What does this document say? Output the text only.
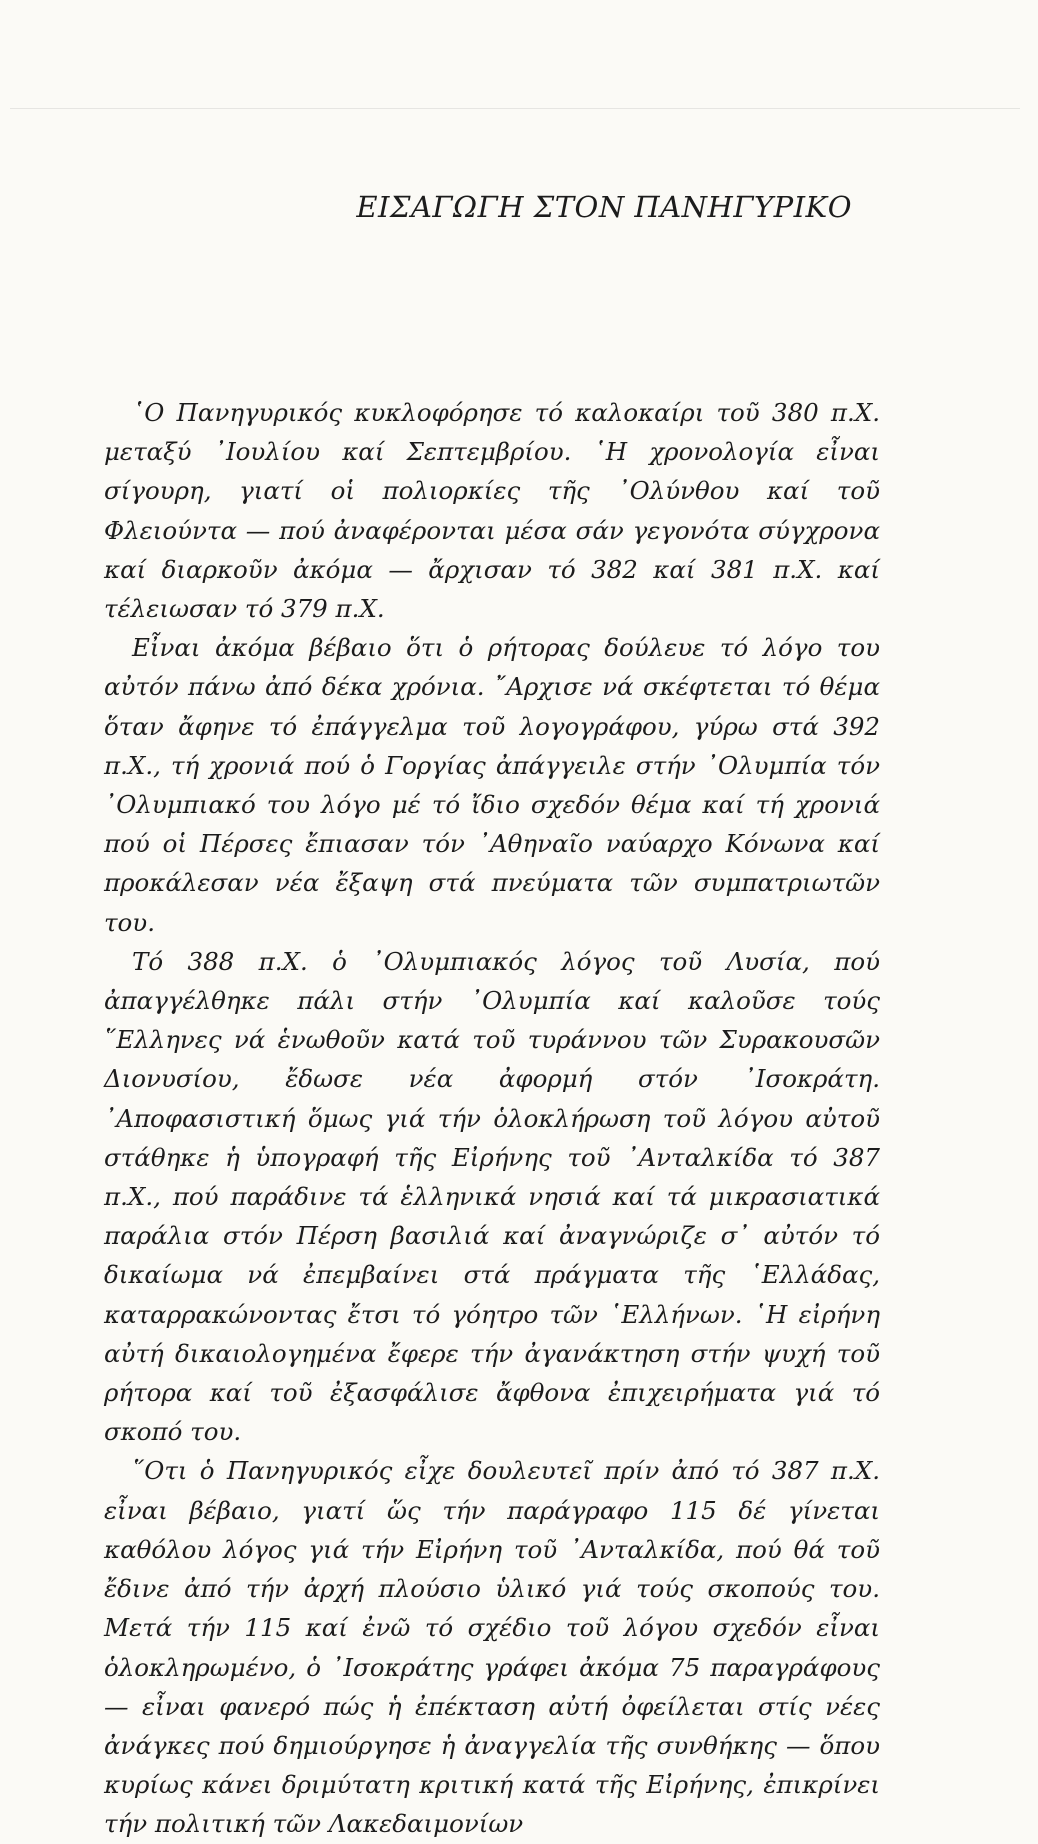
ΕΙΣΑΓΩΓΗ ΣΤΟΝ ΠΑΝΗΓΥΡΙΚΟ

῾Ο Πανηγυρικός κυκλοφόρησε τό καλοκαίρι τοῦ 380 π.Χ. μεταξύ ᾿Ιουλίου καί Σεπτεμβρίου. ῾Η χρονολογία εἶναι σίγουρη, γιατί οἱ πολιορκίες τῆς ᾿Ολύνθου καί τοῦ Φλειούντα — πού ἀναφέρονται μέσα σάν γεγονότα σύγχρονα καί διαρκοῦν ἀκόμα — ἄρχισαν τό 382 καί 381 π.Χ. καί τέλειωσαν τό 379 π.Χ.

Εἶναι ἀκόμα βέβαιο ὅτι ὁ ρήτορας δούλευε τό λόγο του αὐτόν πάνω ἀπό δέκα χρόνια. ῎Αρχισε νά σκέφτεται τό θέμα ὅταν ἄφηνε τό ἐπάγγελμα τοῦ λογογράφου, γύρω στά 392 π.Χ., τή χρονιά πού ὁ Γοργίας ἀπάγγειλε στήν ᾿Ολυμπία τόν ᾿Ολυμπιακό του λόγο μέ τό ἴδιο σχεδόν θέμα καί τή χρονιά πού οἱ Πέρσες ἔπιασαν τόν ᾿Αθηναῖο ναύαρχο Κόνωνα καί προκάλεσαν νέα ἔξαψη στά πνεύματα τῶν συμπατριωτῶν του.

Τό 388 π.Χ. ὁ ᾿Ολυμπιακός λόγος τοῦ Λυσία, πού ἀπαγγέλθηκε πάλι στήν ᾿Ολυμπία καί καλοῦσε τούς ῞Ελληνες νά ἑνωθοῦν κατά τοῦ τυράννου τῶν Συρακουσῶν Διονυσίου, ἔδωσε νέα ἀφορμή στόν ᾿Ισοκράτη. ᾿Αποφασιστική ὅμως γιά τήν ὁλοκλήρωση τοῦ λόγου αὐτοῦ στάθηκε ἡ ὑπογραφή τῆς Εἰρήνης τοῦ ᾿Ανταλκίδα τό 387 π.Χ., πού παράδινε τά ἑλληνικά νησιά καί τά μικρασιατικά παράλια στόν Πέρση βασιλιά καί ἀναγνώριζε σ᾿ αὐτόν τό δικαίωμα νά ἐπεμβαίνει στά πράγματα τῆς ῾Ελλάδας, καταρρακώνοντας ἔτσι τό γόητρο τῶν ῾Ελλήνων. ῾Η εἰρήνη αὐτή δικαιολογημένα ἔφερε τήν ἀγανάκτηση στήν ψυχή τοῦ ρήτορα καί τοῦ ἐξασφάλισε ἄφθονα ἐπιχειρήματα γιά τό σκοπό του.

῞Οτι ὁ Πανηγυρικός εἶχε δουλευτεῖ πρίν ἀπό τό 387 π.Χ. εἶναι βέβαιο, γιατί ὥς τήν παράγραφο 115 δέ γίνεται καθόλου λόγος γιά τήν Εἰρήνη τοῦ ᾿Ανταλκίδα, πού θά τοῦ ἔδινε ἀπό τήν ἀρχή πλούσιο ὑλικό γιά τούς σκοπούς του. Μετά τήν 115 καί ἐνῶ τό σχέδιο τοῦ λόγου σχεδόν εἶναι ὁλοκληρωμένο, ὁ ᾿Ισοκράτης γράφει ἀκόμα 75 παραγράφους — εἶναι φανερό πώς ἡ ἐπέκταση αὐτή ὀφείλεται στίς νέες ἀνάγκες πού δημιούργησε ἡ ἀναγγελία τῆς συνθήκης — ὅπου κυρίως κάνει δριμύτατη κριτική κατά τῆς Εἰρήνης, ἐπικρίνει τήν πολιτική τῶν Λακεδαιμονίων
